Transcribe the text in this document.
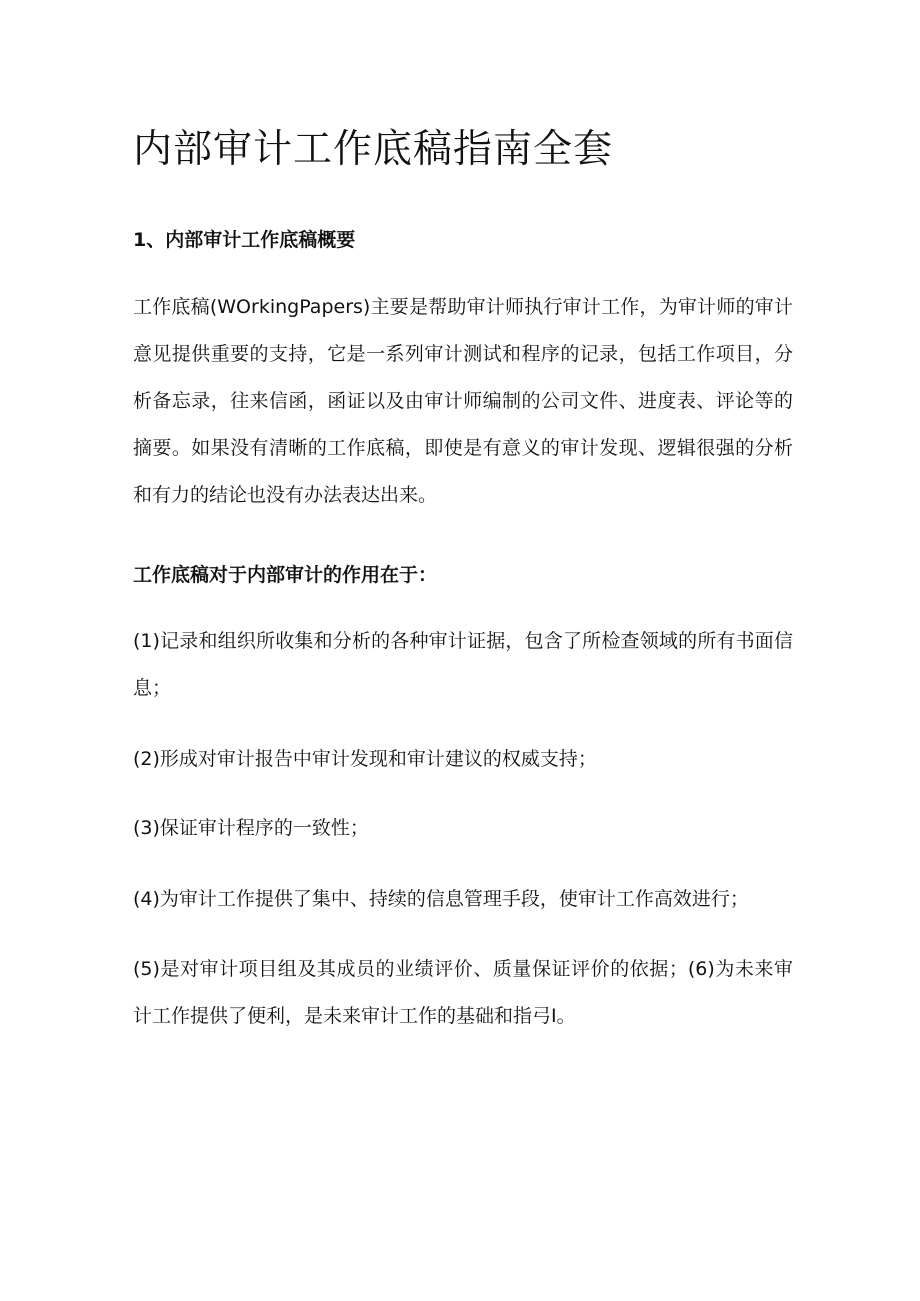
内部审计工作底稿指南全套
1、内部审计工作底稿概要

工作底稿(WOrkingPapers)主要是帮助审计师执行审计工作，为审计师的审计意见提供重要的支持，它是一系列审计测试和程序的记录，包括工作项目，分析备忘录，往来信函，函证以及由审计师编制的公司文件、进度表、评论等的摘要。如果没有清晰的工作底稿，即使是有意义的审计发现、逻辑很强的分析和有力的结论也没有办法表达出来。

工作底稿对于内部审计的作用在于：

(1)记录和组织所收集和分析的各种审计证据，包含了所检查领域的所有书面信息；

(2)形成对审计报告中审计发现和审计建议的权威支持；

(3)保证审计程序的一致性；

(4)为审计工作提供了集中、持续的信息管理手段，使审计工作高效进行；

(5)是对审计项目组及其成员的业绩评价、质量保证评价的依据；(6)为未来审计工作提供了便利，是未来审计工作的基础和指弓I。
